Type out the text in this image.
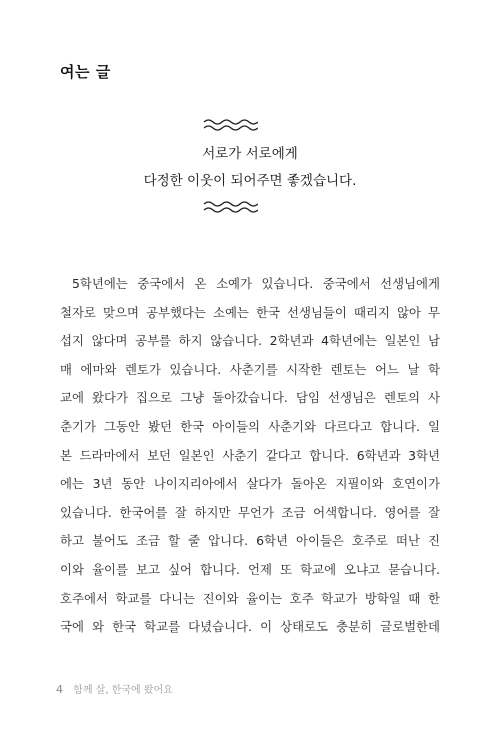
여는 글
서로가 서로에게
다정한 이웃이 되어주면 좋겠습니다.
5학년에는 중국에서 온 소예가 있습니다. 중국에서 선생님에게
철자로 맞으며 공부했다는 소예는 한국 선생님들이 때리지 않아 무
섭지 않다며 공부를 하지 않습니다. 2학년과 4학년에는 일본인 남
매 에마와 렌토가 있습니다. 사춘기를 시작한 렌토는 어느 날 학
교에 왔다가 집으로 그냥 돌아갔습니다. 담임 선생님은 렌토의 사
춘기가 그동안 봤던 한국 아이들의 사춘기와 다르다고 합니다. 일
본 드라마에서 보던 일본인 사춘기 같다고 합니다. 6학년과 3학년
에는 3년 동안 나이지리아에서 살다가 돌아온 지필이와 호연이가
있습니다. 한국어를 잘 하지만 무언가 조금 어색합니다. 영어를 잘
하고 불어도 조금 할 줄 압니다. 6학년 아이들은 호주로 떠난 진
이와 율이를 보고 싶어 합니다. 언제 또 학교에 오냐고 묻습니다.
호주에서 학교를 다니는 진이와 율이는 호주 학교가 방학일 때 한
국에 와 한국 학교를 다녔습니다. 이 상태로도 충분히 글로벌한데
4 함께 살, 한국에 왔어요
